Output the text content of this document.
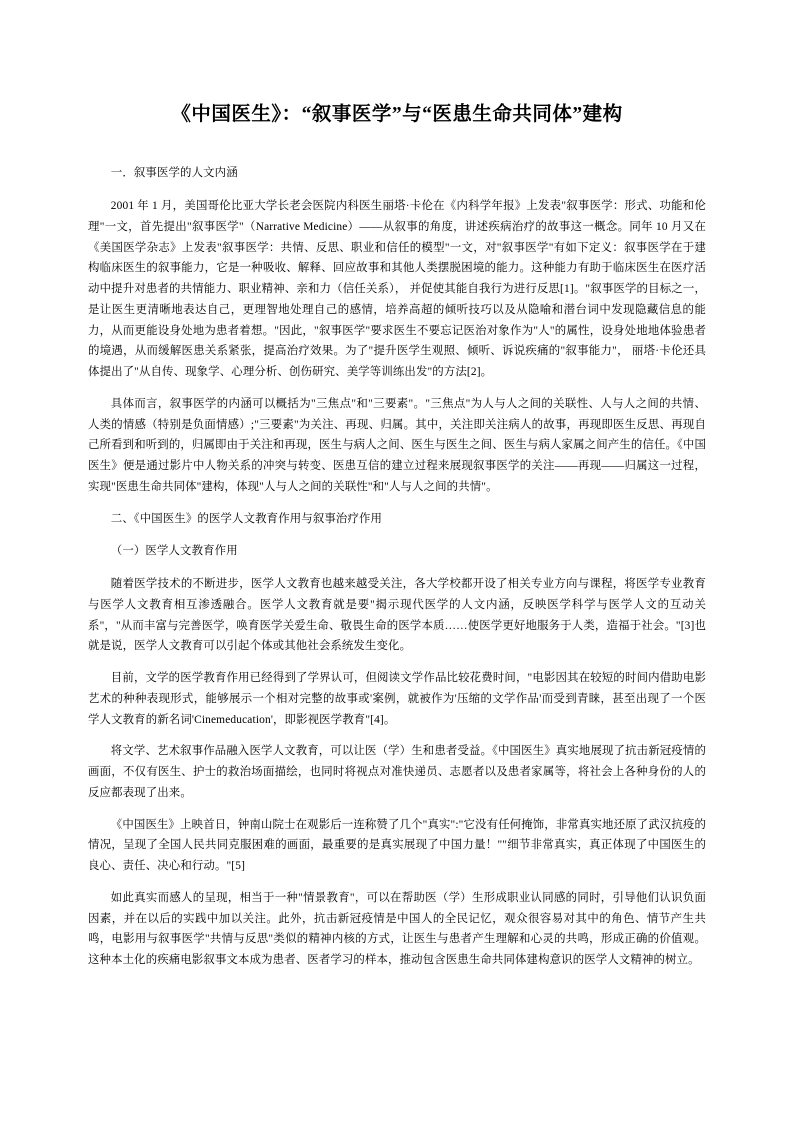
《中国医生》：“叙事医学”与“医患生命共同体”建构

一．叙事医学的人文内涵

2001 年 1 月，美国哥伦比亚大学长老会医院内科医生丽塔·卡伦在《内科学年报》上发表"叙事医学：形式、功能和伦理"一文，首先提出"叙事医学"（Narrative Medicine）——从叙事的角度，讲述疾病治疗的故事这一概念。同年 10 月又在《美国医学杂志》上发表"叙事医学：共情、反思、职业和信任的模型"一文，对"叙事医学"有如下定义：叙事医学在于建构临床医生的叙事能力，它是一种吸收、解释、回应故事和其他人类摆脱困境的能力。这种能力有助于临床医生在医疗活动中提升对患者的共情能力、职业精神、亲和力（信任关系）， 并促使其能自我行为进行反思[1]。"叙事医学的目标之一，是让医生更清晰地表达自己，更理智地处理自己的感情，培养高超的倾听技巧以及从隐喻和潜台词中发现隐藏信息的能力，从而更能设身处地为患者着想。"因此，"叙事医学"要求医生不要忘记医治对象作为"人"的属性，设身处地地体验患者的境遇，从而缓解医患关系紧张，提高治疗效果。为了"提升医学生观照、倾听、诉说疾痛的"叙事能力"， 丽塔·卡伦还具体提出了"从自传、现象学、心理分析、创伤研究、美学等训练出发"的方法[2]。

具体而言，叙事医学的内涵可以概括为"三焦点"和"三要素"。"三焦点"为人与人之间的关联性、人与人之间的共情、 人类的情感（特别是负面情感）;"三要素"为关注、再现、归属。其中，关注即关注病人的故事，再现即医生反思、再现自己所看到和听到的，归属即由于关注和再现，医生与病人之间、医生与医生之间、医生与病人家属之间产生的信任。《中国医生》便是通过影片中人物关系的冲突与转变、医患互信的建立过程来展现叙事医学的关注——再现——归属这一过程，实现"医患生命共同体"建构，体现"人与人之间的关联性"和"人与人之间的共情"。

二、《中国医生》的医学人文教育作用与叙事治疗作用

（一）医学人文教育作用

随着医学技术的不断进步，医学人文教育也越来越受关注，各大学校都开设了相关专业方向与课程，将医学专业教育与医学人文教育相互渗透融合。医学人文教育就是要"揭示现代医学的人文内涵，反映医学科学与医学人文的互动关系"，"从而丰富与完善医学，唤育医学关爱生命、敬畏生命的医学本质……使医学更好地服务于人类，造福于社会。"[3]也就是说，医学人文教育可以引起个体或其他社会系统发生变化。

目前，文学的医学教育作用已经得到了学界认可，但阅读文学作品比较花费时间，"电影因其在较短的时间内借助电影艺术的种种表现形式，能够展示一个相对完整的故事或'案例，就被作为'压缩的文学作品'而受到青睐，甚至出现了一个医学人文教育的新名词'Cinemeducation'，即影视医学教育"[4]。

将文学、艺术叙事作品融入医学人文教育，可以让医（学）生和患者受益。《中国医生》真实地展现了抗击新冠疫情的画面，不仅有医生、护士的救治场面描绘，也同时将视点对准快递员、志愿者以及患者家属等，将社会上各种身份的人的反应都表现了出来。

《中国医生》上映首日，钟南山院士在观影后一连称赞了几个"真实":"它没有任何掩饰，非常真实地还原了武汉抗疫的情况，呈现了全国人民共同克服困难的画面，最重要的是真实展现了中国力量！""细节非常真实，真正体现了中国医生的良心、责任、决心和行动。"[5]

如此真实而感人的呈现，相当于一种"情景教育"，可以在帮助医（学）生形成职业认同感的同时，引导他们认识负面因素，并在以后的实践中加以关注。此外，抗击新冠疫情是中国人的全民记忆，观众很容易对其中的角色、情节产生共鸣，电影用与叙事医学"共情与反思"类似的精神内核的方式，让医生与患者产生理解和心灵的共鸣，形成正确的价值观。这种本土化的疾痛电影叙事文本成为患者、医者学习的样本，推动包含医患生命共同体建构意识的医学人文精神的树立。
